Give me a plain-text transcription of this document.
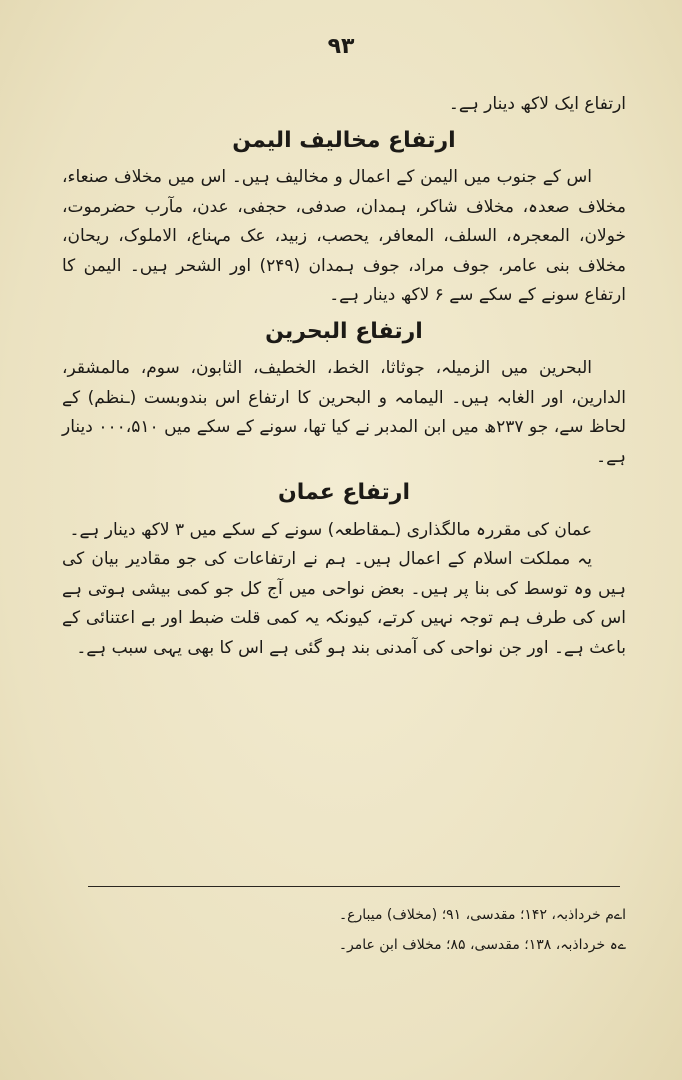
۹۳

ارتفاع ایک لاکھ دینار ہے۔

ارتفاع مخالیف الیمن

اس کے جنوب میں الیمن کے اعمال و مخالیف ہیں۔ اس میں مخلاف صنعاء، مخلاف صعدہ، مخلاف شاکر، ہمدان، صدفی، حجفی، عدن، مآرب حضرموت، خولان، المعجرہ، السلف، المعافر، یحصب، زبید، عک مہناع، الاملوک، ریحان، مخلاف بنی عامر، جوف مراد، جوف ہمدان (۲۴۹) اور الشحر ہیں۔ الیمن کا ارتفاع سونے کے سکے سے ۶ لاکھ دینار ہے۔

ارتفاع البحرین

البحرین میں الزمیلہ، جوثاثا، الخط، الخطیف، الثابون، سوم، مالمشقر، الدارین، اور الغابہ ہیں۔ الیمامہ و البحرین کا ارتفاع اس بندوبست (ـنظم) کے لحاظ سے، جو ۲۳۷ھ میں ابن المدبر نے کیا تھا، سونے کے سکے میں ۰۰۰،۵۱۰ دینار ہے۔

ارتفاع عمان

عمان کی مقررہ مالگذاری (ـمقاطعہ) سونے کے سکے میں ۳ لاکھ دینار ہے۔

یہ مملکت اسلام کے اعمال ہیں۔ ہم نے ارتفاعات کی جو مقادیر بیان کی ہیں وہ توسط کی بنا پر ہیں۔ بعض نواحی میں آج کل جو کمی بیشی ہوتی ہے اس کی طرف ہم توجہ نہیں کرتے، کیونکہ یہ کمی قلت ضبط اور بے اعتنائی کے باعث ہے۔ اور جن نواحی کی آمدنی بند ہو گئی ہے اس کا بھی یہی سبب ہے۔

اےم خرداذبہ، ۱۴۲؛ مقدسی، ۹۱؛ (مخلاف) میبارع۔

ےہ خرداذبہ، ۱۳۸؛ مقدسی، ۸۵؛ مخلاف ابن عامر۔
